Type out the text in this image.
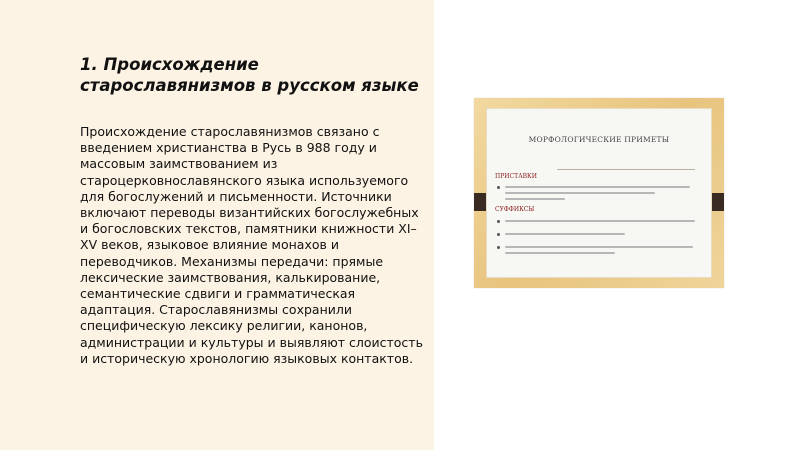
1. Происхождение старославянизмов в русском языке

Происхождение старославянизмов связано с введением христианства в Русь в 988 году и массовым заимствованием из староцерковнославянского языка используемого для богослужений и письменности. Источники включают переводы византийских богослужебных и богословских текстов, памятники книжности XI–XV веков, языковое влияние монахов и переводчиков. Механизмы передачи: прямые лексические заимствования, калькирование, семантические сдвиги и грамматическая адаптация. Старославянизмы сохранили специфическую лексику религии, канонов, администрации и культуры и выявляют слоистость и историческую хронологию языковых контактов.

МОРФОЛОГИЧЕСКИЕ ПРИМЕТЫ
ПРИСТАВКИ
СУФФИКСЫ
